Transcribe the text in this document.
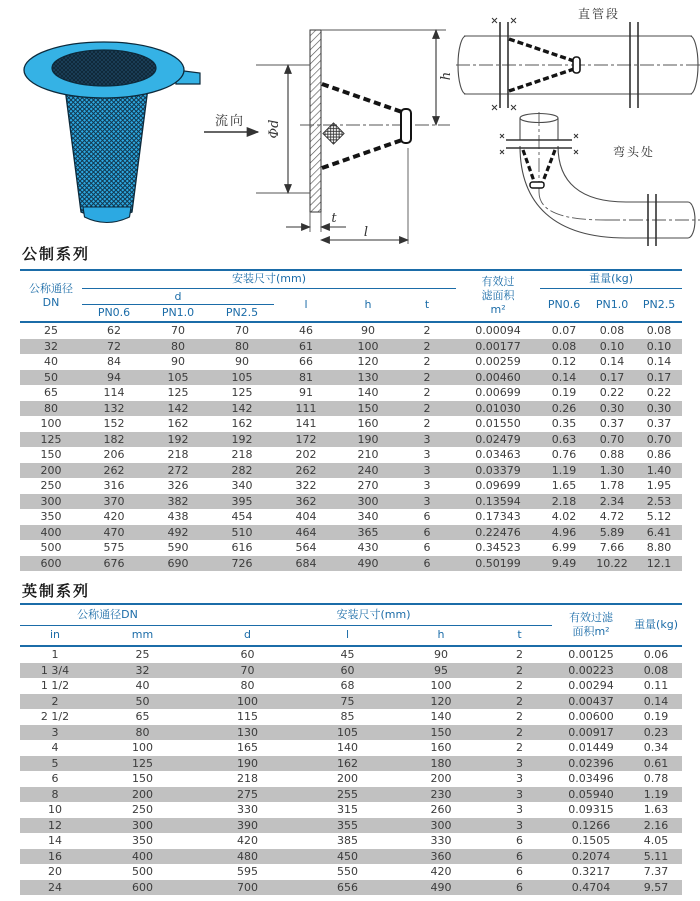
流向 Φd
h
t
l
直管段
弯头处
公制系列
公称通径
DN	安装尺寸(mm)						有效过
滤面积
m²	重量(kg)		
	d			l	h	t		PN0.6	PN1.0	PN2.5
	PN0.6	PN1.0	PN2.5							
25	62	70	70	46	90	2	0.00094	0.07	0.08	0.08
32	72	80	80	61	100	2	0.00177	0.08	0.10	0.10
40	84	90	90	66	120	2	0.00259	0.12	0.14	0.14
50	94	105	105	81	130	2	0.00460	0.14	0.17	0.17
65	114	125	125	91	140	2	0.00699	0.19	0.22	0.22
80	132	142	142	111	150	2	0.01030	0.26	0.30	0.30
100	152	162	162	141	160	2	0.01550	0.35	0.37	0.37
125	182	192	192	172	190	3	0.02479	0.63	0.70	0.70
150	206	218	218	202	210	3	0.03463	0.76	0.88	0.86
200	262	272	282	262	240	3	0.03379	1.19	1.30	1.40
250	316	326	340	322	270	3	0.09699	1.65	1.78	1.95
300	370	382	395	362	300	3	0.13594	2.18	2.34	2.53
350	420	438	454	404	340	6	0.17343	4.02	4.72	5.12
400	470	492	510	464	365	6	0.22476	4.96	5.89	6.41
500	575	590	616	564	430	6	0.34523	6.99	7.66	8.80
600	676	690	726	684	490	6	0.50199	9.49	10.22	12.1
英制系列
公称通径DN		安装尺寸(mm)				有效过滤
面积m²	重量(kg)
in	mm	d	l	h	t		
1	25	60	45	90	2	0.00125	0.06
1 3/4	32	70	60	95	2	0.00223	0.08
1 1/2	40	80	68	100	2	0.00294	0.11
2	50	100	75	120	2	0.00437	0.14
2 1/2	65	115	85	140	2	0.00600	0.19
3	80	130	105	150	2	0.00917	0.23
4	100	165	140	160	2	0.01449	0.34
5	125	190	162	180	3	0.02396	0.61
6	150	218	200	200	3	0.03496	0.78
8	200	275	255	230	3	0.05940	1.19
10	250	330	315	260	3	0.09315	1.63
12	300	390	355	300	3	0.1266	2.16
14	350	420	385	330	6	0.1505	4.05
16	400	480	450	360	6	0.2074	5.11
20	500	595	550	420	6	0.3217	7.37
24	600	700	656	490	6	0.4704	9.57
